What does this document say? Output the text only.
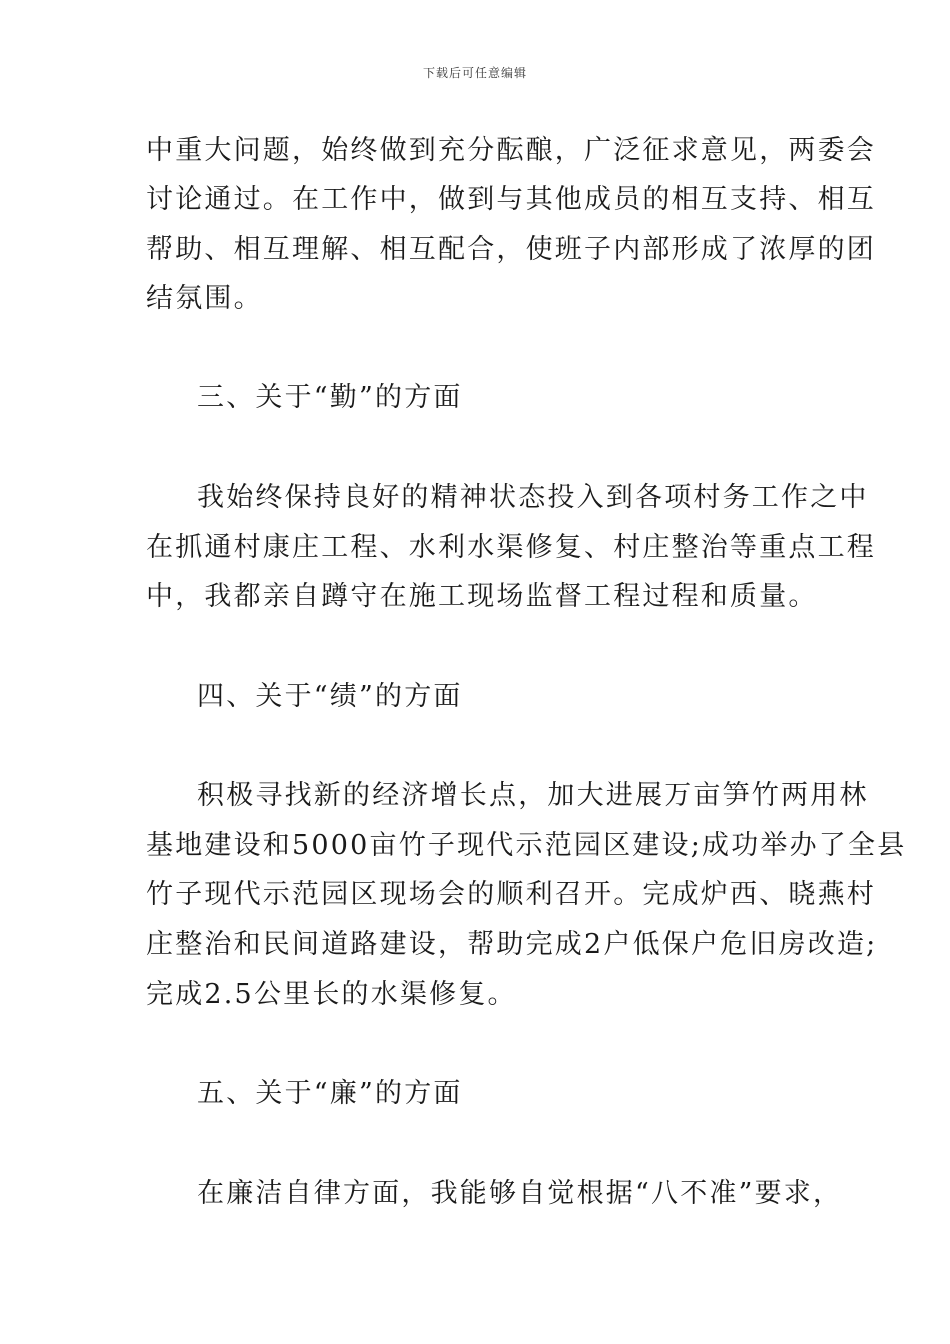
下载后可任意编辑
中重大问题，始终做到充分酝酿，广泛征求意见，两委会
讨论通过。在工作中，做到与其他成员的相互支持、相互
帮助、相互理解、相互配合，使班子内部形成了浓厚的团
结氛围。
三、关于“勤”的方面
我始终保持良好的精神状态投入到各项村务工作之中
在抓通村康庄工程、水利水渠修复、村庄整治等重点工程
中，我都亲自蹲守在施工现场监督工程过程和质量。
四、关于“绩”的方面
积极寻找新的经济增长点，加大进展万亩笋竹两用林
基地建设和5000亩竹子现代示范园区建设;成功举办了全县
竹子现代示范园区现场会的顺利召开。完成炉西、晓燕村
庄整治和民间道路建设，帮助完成2户低保户危旧房改造;
完成2.5公里长的水渠修复。
五、关于“廉”的方面
在廉洁自律方面，我能够自觉根据“八不准”要求，
